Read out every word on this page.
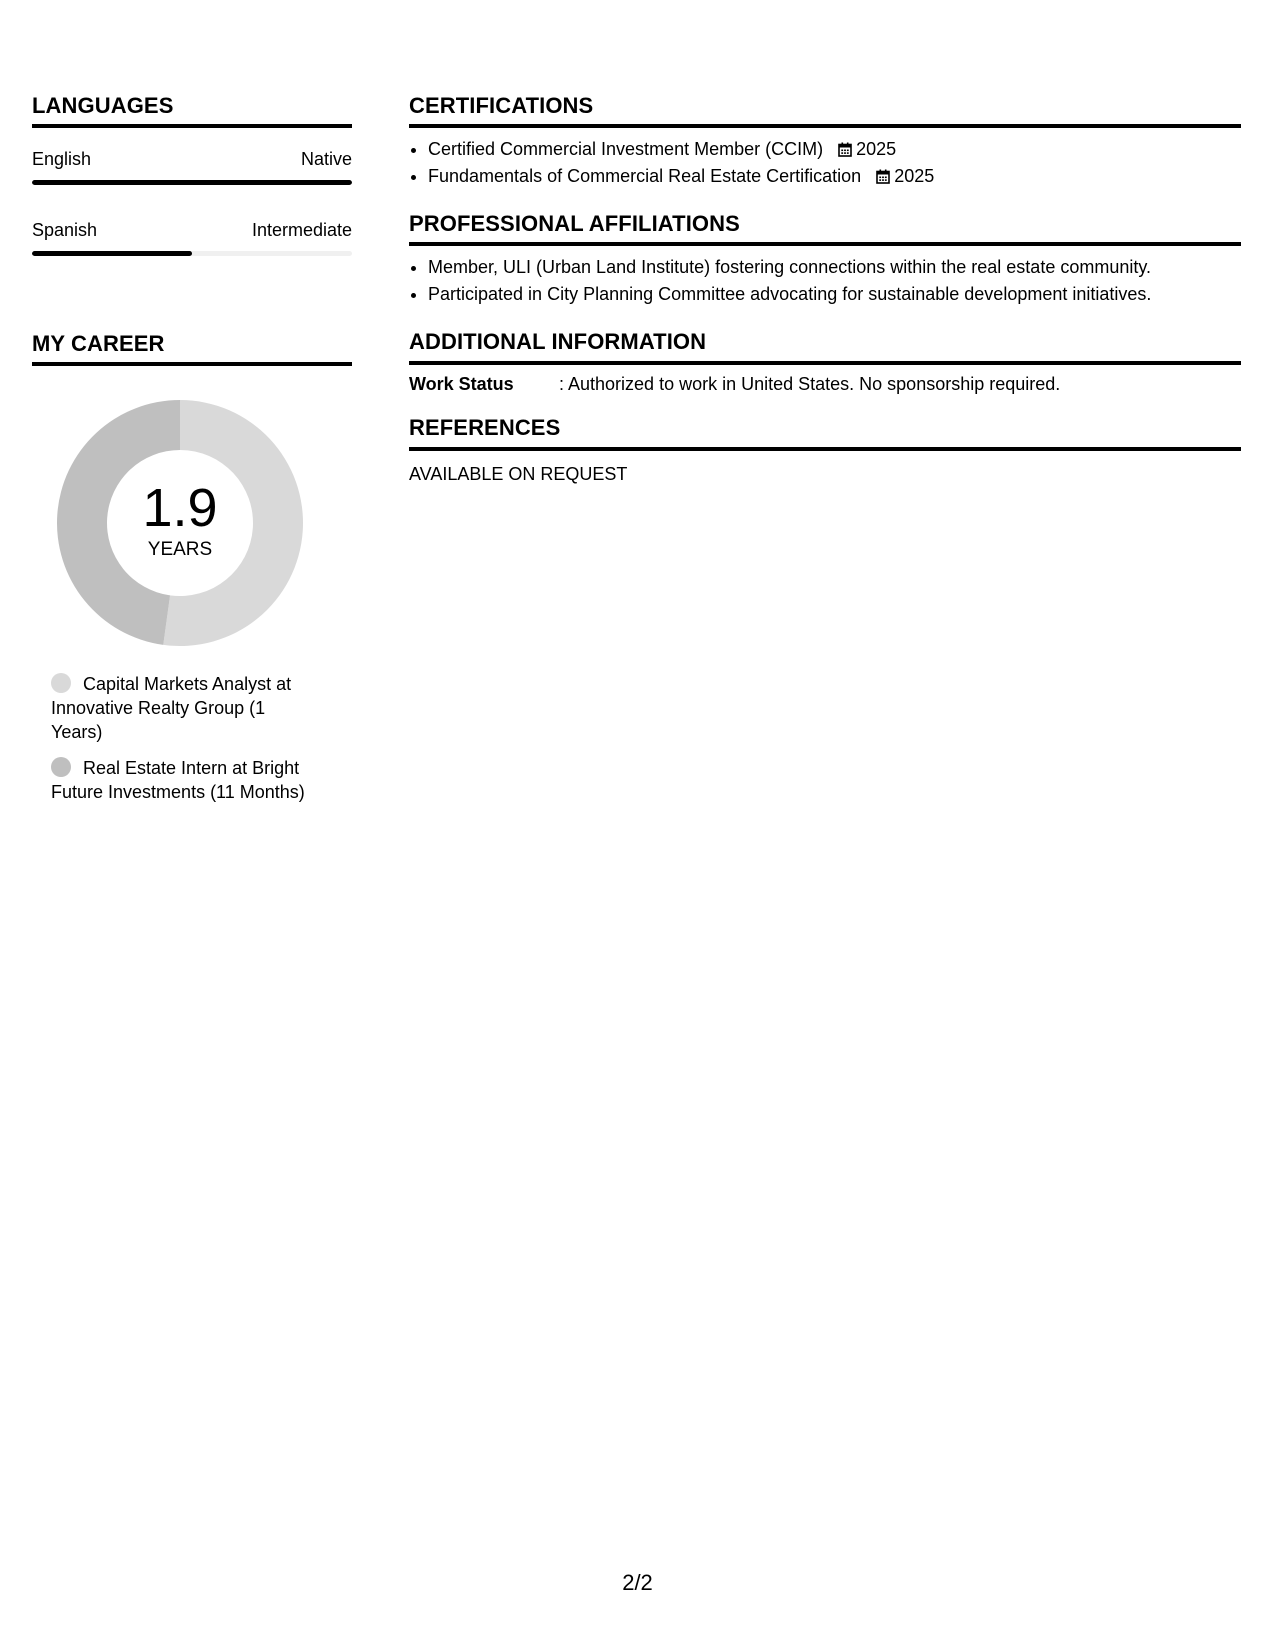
LANGUAGES
English	Native
Spanish	Intermediate
MY CAREER
1.9
YEARS
Capital Markets Analyst at Innovative Realty Group (1 Years)
Real Estate Intern at Bright Future Investments (11 Months)
CERTIFICATIONS
• Certified Commercial Investment Member (CCIM) 2025
• Fundamentals of Commercial Real Estate Certification 2025
PROFESSIONAL AFFILIATIONS
• Member, ULI (Urban Land Institute) fostering connections within the real estate community.
• Participated in City Planning Committee advocating for sustainable development initiatives.
ADDITIONAL INFORMATION
Work Status	: Authorized to work in United States. No sponsorship required.
REFERENCES
AVAILABLE ON REQUEST
2/2
